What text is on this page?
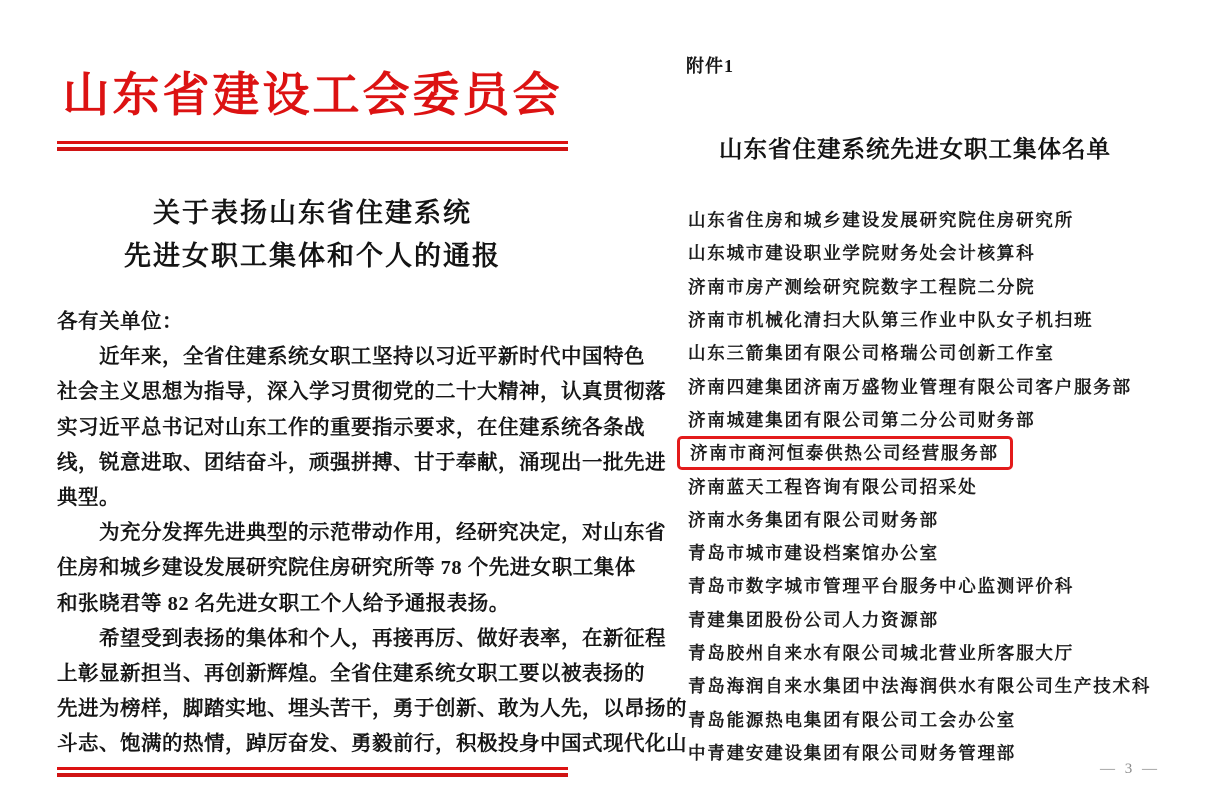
山东省建设工会委员会
关于表扬山东省住建系统
先进女职工集体和个人的通报
各有关单位：
近年来，全省住建系统女职工坚持以习近平新时代中国特色
社会主义思想为指导，深入学习贯彻党的二十大精神，认真贯彻落
实习近平总书记对山东工作的重要指示要求，在住建系统各条战
线，锐意进取、团结奋斗，顽强拼搏、甘于奉献，涌现出一批先进
典型。
为充分发挥先进典型的示范带动作用，经研究决定，对山东省
住房和城乡建设发展研究院住房研究所等 78 个先进女职工集体
和张晓君等 82 名先进女职工个人给予通报表扬。
希望受到表扬的集体和个人，再接再厉、做好表率，在新征程
上彰显新担当、再创新辉煌。全省住建系统女职工要以被表扬的
先进为榜样，脚踏实地、埋头苦干，勇于创新、敢为人先，以昂扬的
斗志、饱满的热情，踔厉奋发、勇毅前行，积极投身中国式现代化山
附件1
山东省住建系统先进女职工集体名单
山东省住房和城乡建设发展研究院住房研究所
山东城市建设职业学院财务处会计核算科
济南市房产测绘研究院数字工程院二分院
济南市机械化清扫大队第三作业中队女子机扫班
山东三箭集团有限公司格瑞公司创新工作室
济南四建集团济南万盛物业管理有限公司客户服务部
济南城建集团有限公司第二分公司财务部
济南市商河恒泰供热公司经营服务部
济南蓝天工程咨询有限公司招采处
济南水务集团有限公司财务部
青岛市城市建设档案馆办公室
青岛市数字城市管理平台服务中心监测评价科
青建集团股份公司人力资源部
青岛胶州自来水有限公司城北营业所客服大厅
青岛海润自来水集团中法海润供水有限公司生产技术科
青岛能源热电集团有限公司工会办公室
中青建安建设集团有限公司财务管理部
— 3 —
